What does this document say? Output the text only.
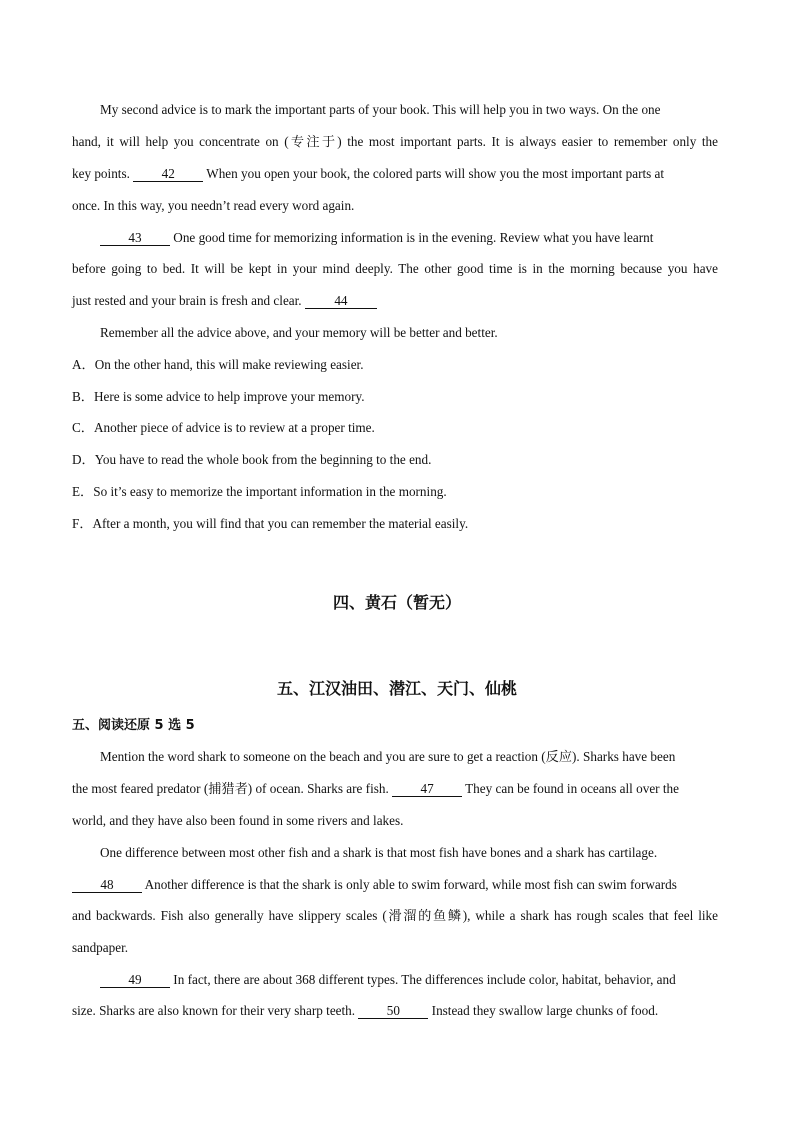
My second advice is to mark the important parts of your book. This will help you in two ways. On the one
hand, it will help you concentrate on (专注于) the most important parts. It is always easier to remember only the
key points. 42 When you open your book, the colored parts will show you the most important parts at
once. In this way, you needn’t read every word again.
43 One good time for memorizing information is in the evening. Review what you have learnt
before going to bed. It will be kept in your mind deeply. The other good time is in the morning because you have
just rested and your brain is fresh and clear. 44
Remember all the advice above, and your memory will be better and better.
A．On the other hand, this will make reviewing easier.
B．Here is some advice to help improve your memory.
C．Another piece of advice is to review at a proper time.
D．You have to read the whole book from the beginning to the end.
E．So it’s easy to memorize the important information in the morning.
F．After a month, you will find that you can remember the material easily.
四、黄石（暂无）
五、江汉油田、潜江、天门、仙桃
五、阅读还原 5 选 5
Mention the word shark to someone on the beach and you are sure to get a reaction (反应). Sharks have been
the most feared predator (捕猎者) of ocean. Sharks are fish. 47 They can be found in oceans all over the
world, and they have also been found in some rivers and lakes.
One difference between most other fish and a shark is that most fish have bones and a shark has cartilage.
48 Another difference is that the shark is only able to swim forward, while most fish can swim forwards
and backwards. Fish also generally have slippery scales (滑溜的鱼鳞), while a shark has rough scales that feel like
sandpaper.
49 In fact, there are about 368 different types. The differences include color, habitat, behavior, and
size. Sharks are also known for their very sharp teeth. 50 Instead they swallow large chunks of food.
